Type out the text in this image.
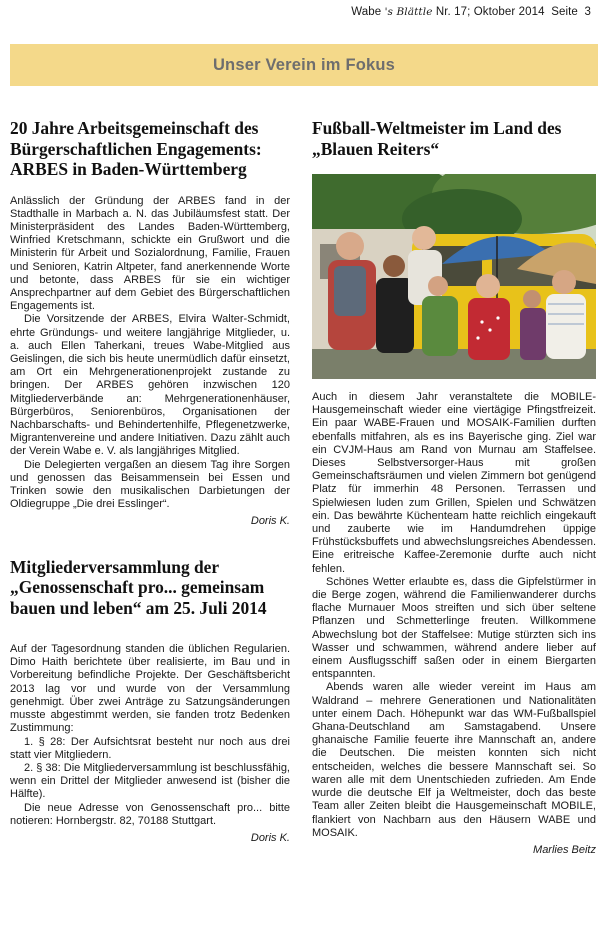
Wabe 's Blättle Nr. 17; Oktober 2014 Seite 3
Unser Verein im Fokus
20 Jahre Arbeitsgemeinschaft des Bürgerschaftlichen Engagements: ARBES in Baden-Württemberg

Anlässlich der Gründung der ARBES fand in der Stadthalle in Marbach a. N. das Jubiläumsfest statt. Der Ministerpräsident des Landes Baden-Württemberg, Winfried Kretschmann, schickte ein Grußwort und die Ministerin für Arbeit und Sozialordnung, Familie, Frauen und Senioren, Katrin Altpeter, fand anerkennende Worte und betonte, dass ARBES für sie ein wichtiger Ansprechpartner auf dem Gebiet des Bürgerschaftlichen Engagements ist.

Die Vorsitzende der ARBES, Elvira Walter-Schmidt, ehrte Gründungs- und weitere langjährige Mitglieder, u. a. auch Ellen Taherkani, treues Wabe-Mitglied aus Geislingen, die sich bis heute unermüdlich dafür einsetzt, am Ort ein Mehrgenerationenprojekt zustande zu bringen. Der ARBES gehören inzwischen 120 Mitgliederverbände an: Mehrgenerationenhäuser, Bürgerbüros, Seniorenbüros, Organisationen der Nachbarschafts- und Behindertenhilfe, Pflegenetzwerke, Migrantenvereine und andere Initiativen. Dazu zählt auch der Verein Wabe e. V. als langjähriges Mitglied.

Die Delegierten vergaßen an diesem Tag ihre Sorgen und genossen das Beisammensein bei Essen und Trinken sowie den musikalischen Darbietungen der Oldiegruppe „Die drei Esslinger“.

Doris K.
Mitgliederversammlung der „Genossenschaft pro... gemeinsam bauen und leben“ am 25. Juli 2014

Auf der Tagesordnung standen die üblichen Regularien. Dimo Haith berichtete über realisierte, im Bau und in Vorbereitung befindliche Projekte. Der Geschäftsbericht 2013 lag vor und wurde von der Versammlung genehmigt. Über zwei Anträge zu Satzungsänderungen musste abgestimmt werden, sie fanden trotz Bedenken Zustimmung:

1. § 28: Der Aufsichtsrat besteht nur noch aus drei statt vier Mitgliedern.

2. § 38: Die Mitgliederversammlung ist beschlussfähig, wenn ein Drittel der Mitglieder anwesend ist (bisher die Hälfte).

Die neue Adresse von Genossenschaft pro... bitte notieren: Hornbergstr. 82, 70188 Stuttgart.

Doris K.
Fußball-Weltmeister im Land des „Blauen Reiters“

Auch in diesem Jahr veranstaltete die MOBILE-Hausgemeinschaft wieder eine viertägige Pfingstfreizeit. Ein paar WABE-Frauen und MOSAIK-Familien durften ebenfalls mitfahren, als es ins Bayerische ging. Ziel war ein CVJM-Haus am Rand von Murnau am Staffelsee. Dieses Selbstversorger-Haus mit großen Gemeinschaftsräumen und vielen Zimmern bot genügend Platz für immerhin 48 Personen. Terrassen und Spielwiesen luden zum Grillen, Spielen und Schwätzen ein. Das bewährte Küchenteam hatte reichlich eingekauft und zauberte wie im Handumdrehen üppige Frühstücksbuffets und abwechslungsreiches Abendessen. Eine eritreische Kaffee-Zeremonie durfte auch nicht fehlen.

Schönes Wetter erlaubte es, dass die Gipfelstürmer in die Berge zogen, während die Familienwanderer durchs flache Murnauer Moos streiften und sich über seltene Pflanzen und Schmetterlinge freuten. Willkommene Abwechslung bot der Staffelsee: Mutige stürzten sich ins Wasser und schwammen, während andere lieber auf einem Ausflugsschiff saßen oder in einem Biergarten entspannten.

Abends waren alle wieder vereint im Haus am Waldrand – mehrere Generationen und Nationalitäten unter einem Dach. Höhepunkt war das WM-Fußballspiel Ghana-Deutschland am Samstagabend. Unsere ghanaische Familie feuerte ihre Mannschaft an, andere die Deutschen. Die meisten konnten sich nicht entscheiden, welches die bessere Mannschaft sei. So waren alle mit dem Unentschieden zufrieden. Am Ende wurde die deutsche Elf ja Weltmeister, doch das beste Team aller Zeiten bleibt die Hausgemeinschaft MOBILE, flankiert von Nachbarn aus den Häusern WABE und MOSAIK.

Marlies Beitz
